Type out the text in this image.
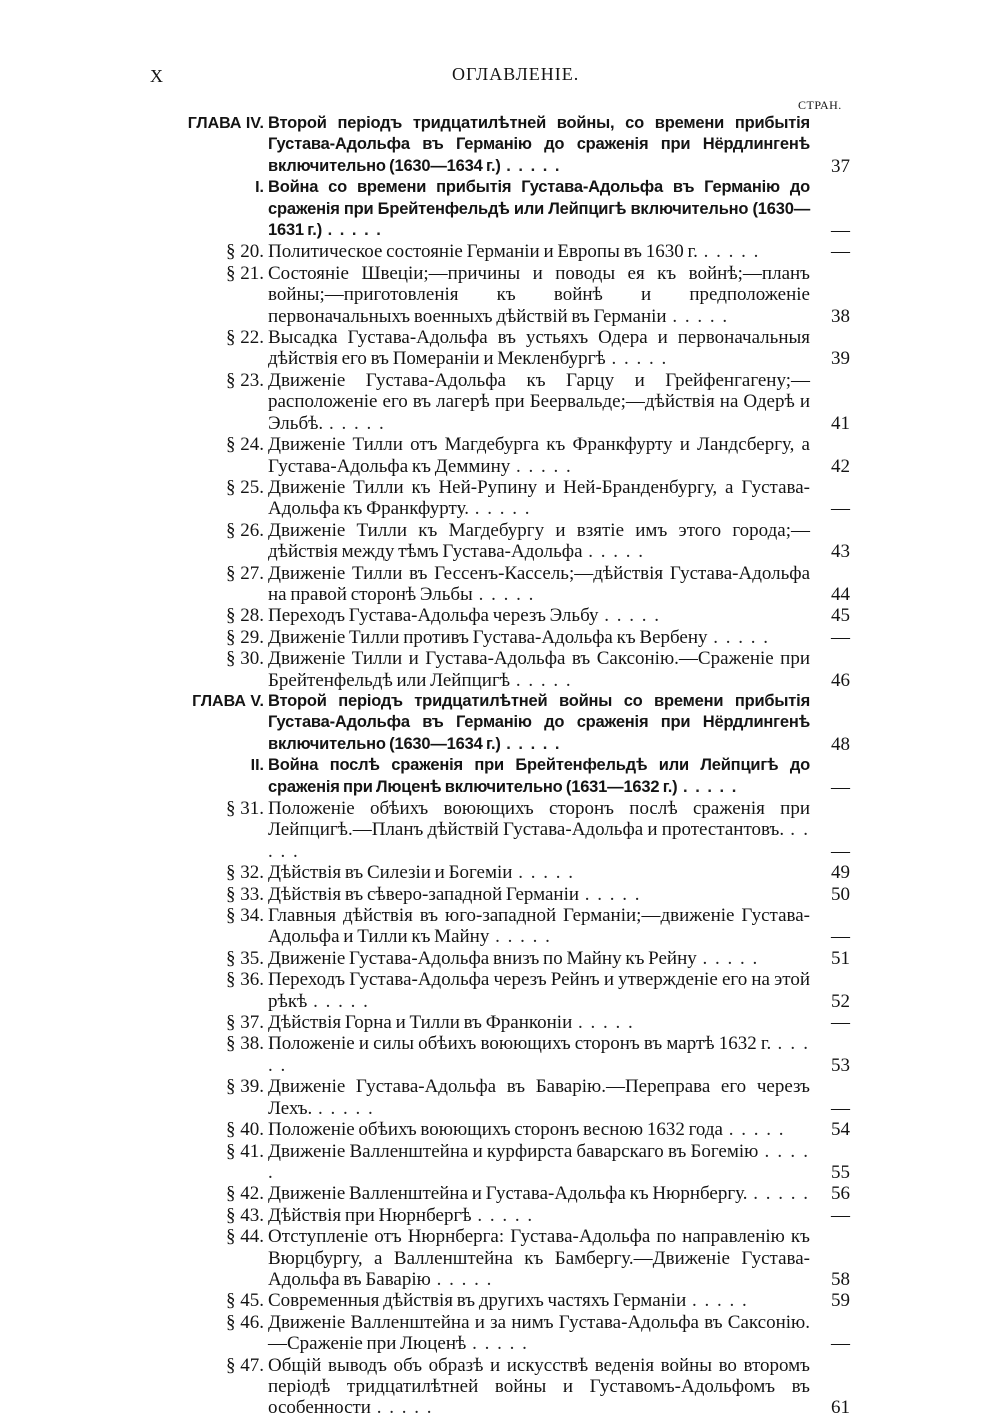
X	ОГЛАВЛЕНIЕ.
СТРАН.
ГЛАВА IV. Второй перiодъ тридцатилѣтней войны, со времени прибытiя Густава-Адольфа въ Германiю до сраженiя при Нёрдлингенѣ включительно (1630—1634 г.) . . . . .	37
I. Война со времени прибытiя Густава-Адольфа въ Германiю до сраженiя при Брейтенфельдѣ или Лейпцигѣ включительно (1630—1631 г.) . . . . .	—
§ 20. Политическое состоянiе Германiи и Европы въ 1630 г. . . . . .	—
§ 21. Состоянiе Швецiи;—причины и поводы ея къ войнѣ;—планъ войны;—приготовленiя къ войнѣ и предположенiе первоначальныхъ военныхъ дѣйствiй въ Германiи . . . . .	38
§ 22. Высадка Густава-Адольфа въ устьяхъ Одера и первоначальныя дѣйствiя его въ Померанiи и Мекленбургѣ . . . . .	39
§ 23. Движенiе Густава-Адольфа къ Гарцу и Грейфенгагену;—расположенiе его въ лагерѣ при Беервальде;—дѣйствiя на Одерѣ и Эльбѣ. . . . . .	41
§ 24. Движенiе Тилли отъ Магдебурга къ Франкфурту и Ландсбергу, а Густава-Адольфа къ Деммину . . . . .	42
§ 25. Движенiе Тилли къ Ней-Рупину и Ней-Бранденбургу, а Густава-Адольфа къ Франкфурту. . . . . .	—
§ 26. Движенiе Тилли къ Магдебургу и взятiе имъ этого города;—дѣйствiя между тѣмъ Густава-Адольфа . . . . .	43
§ 27. Движенiе Тилли въ Гессенъ-Кассель;—дѣйствiя Густава-Адольфа на правой сторонѣ Эльбы . . . . .	44
§ 28. Переходъ Густава-Адольфа черезъ Эльбу . . . . .	45
§ 29. Движенiе Тилли противъ Густава-Адольфа къ Вербену . . . . .	—
§ 30. Движенiе Тилли и Густава-Адольфа въ Саксонiю.—Сраженiе при Брейтенфельдѣ или Лейпцигѣ . . . . .	46
ГЛАВА V. Второй перiодъ тридцатилѣтней войны со времени прибытiя Густава-Адольфа въ Германiю до сраженiя при Нёрдлингенѣ включительно (1630—1634 г.) . . . . .	48
II. Война послѣ сраженiя при Брейтенфельдѣ или Лейпцигѣ до сраженiя при Люценѣ включительно (1631—1632 г.) . . . . .	—
§ 31. Положенiе обѣихъ воюющихъ сторонъ послѣ сраженiя при Лейпцигѣ.—Планъ дѣйствiй Густава-Адольфа и протестантовъ. . . . . .	—
§ 32. Дѣйствiя въ Силезiи и Богемiи . . . . .	49
§ 33. Дѣйствiя въ сѣверо-западной Германiи . . . . .	50
§ 34. Главныя дѣйствiя въ юго-западной Германiи;—движенiе Густава-Адольфа и Тилли къ Майну . . . . .	—
§ 35. Движенiе Густава-Адольфа внизъ по Майну къ Рейну . . . . .	51
§ 36. Переходъ Густава-Адольфа черезъ Рейнъ и утвержденiе его на этой рѣкѣ . . . . .	52
§ 37. Дѣйствiя Горна и Тилли въ Франконiи . . . . .	—
§ 38. Положенiе и силы обѣихъ воюющихъ сторонъ въ мартѣ 1632 г. . . . . .	53
§ 39. Движенiе Густава-Адольфа въ Баварiю.—Переправа его черезъ Лехъ. . . . . .	—
§ 40. Положенiе обѣихъ воюющихъ сторонъ весною 1632 года . . . . .	54
§ 41. Движенiе Валленштейна и курфирста баварскаго въ Богемiю . . . . .	55
§ 42. Движенiе Валленштейна и Густава-Адольфа къ Нюрнбергу. . . . . .	56
§ 43. Дѣйствiя при Нюрнбергѣ . . . . .	—
§ 44. Отступленiе отъ Нюрнберга: Густава-Адольфа по направленiю къ Вюрцбургу, а Валленштейна къ Бамбергу.—Движенiе Густава-Адольфа въ Баварiю . . . . .	58
§ 45. Современныя дѣйствiя въ другихъ частяхъ Германiи . . . . .	59
§ 46. Движенiе Валленштейна и за нимъ Густава-Адольфа въ Саксонiю.—Сраженiе при Люценѣ . . . . .	—
§ 47. Общiй выводъ объ образѣ и искусствѣ веденiя войны во второмъ перiодѣ тридцатилѣтней войны и Густавомъ-Адольфомъ въ особенности . . . . .	61
